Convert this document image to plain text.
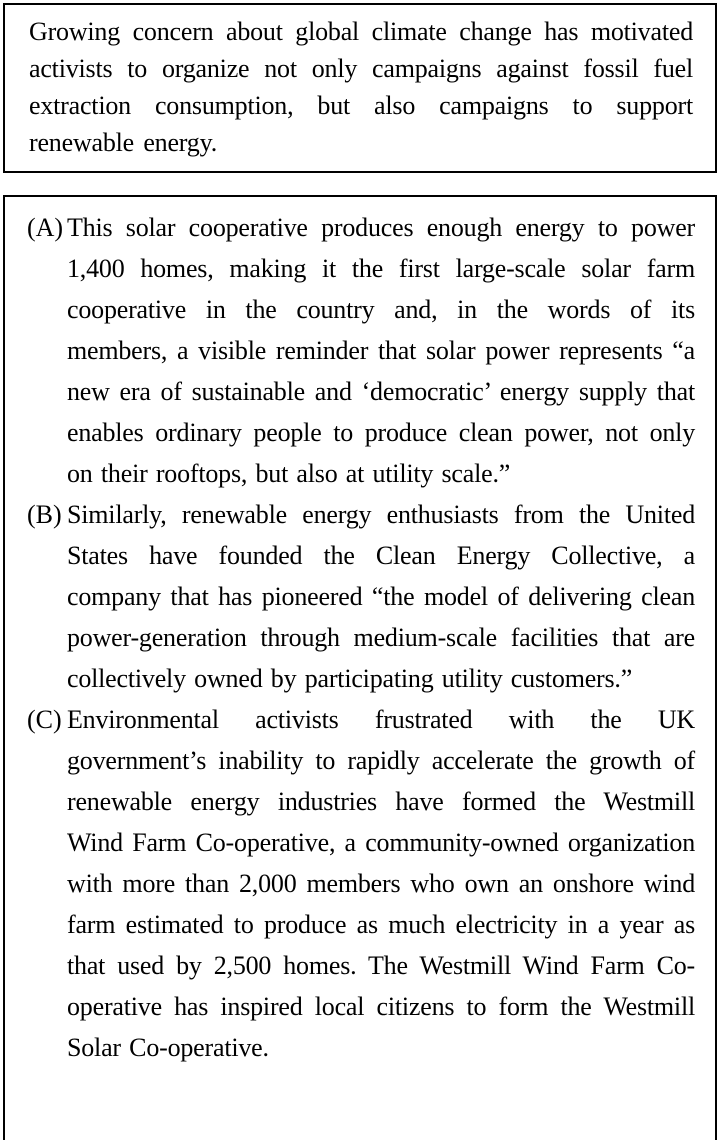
Growing concern about global climate change has motivated activists to organize not only campaigns against fossil fuel extraction consumption, but also campaigns to support renewable energy.

(A) This solar cooperative produces enough energy to power 1,400 homes, making it the first large-scale solar farm cooperative in the country and, in the words of its members, a visible reminder that solar power represents “a new era of sustainable and ‘democratic’ energy supply that enables ordinary people to produce clean power, not only on their rooftops, but also at utility scale.”
(B) Similarly, renewable energy enthusiasts from the United States have founded the Clean Energy Collective, a company that has pioneered “the model of delivering clean power-generation through medium-scale facilities that are collectively owned by participating utility customers.”
(C) Environmental activists frustrated with the UK government’s inability to rapidly accelerate the growth of renewable energy industries have formed the Westmill Wind Farm Co-operative, a community-owned organization with more than 2,000 members who own an onshore wind farm estimated to produce as much electricity in a year as that used by 2,500 homes. The Westmill Wind Farm Co-operative has inspired local citizens to form the Westmill Solar Co-operative.
